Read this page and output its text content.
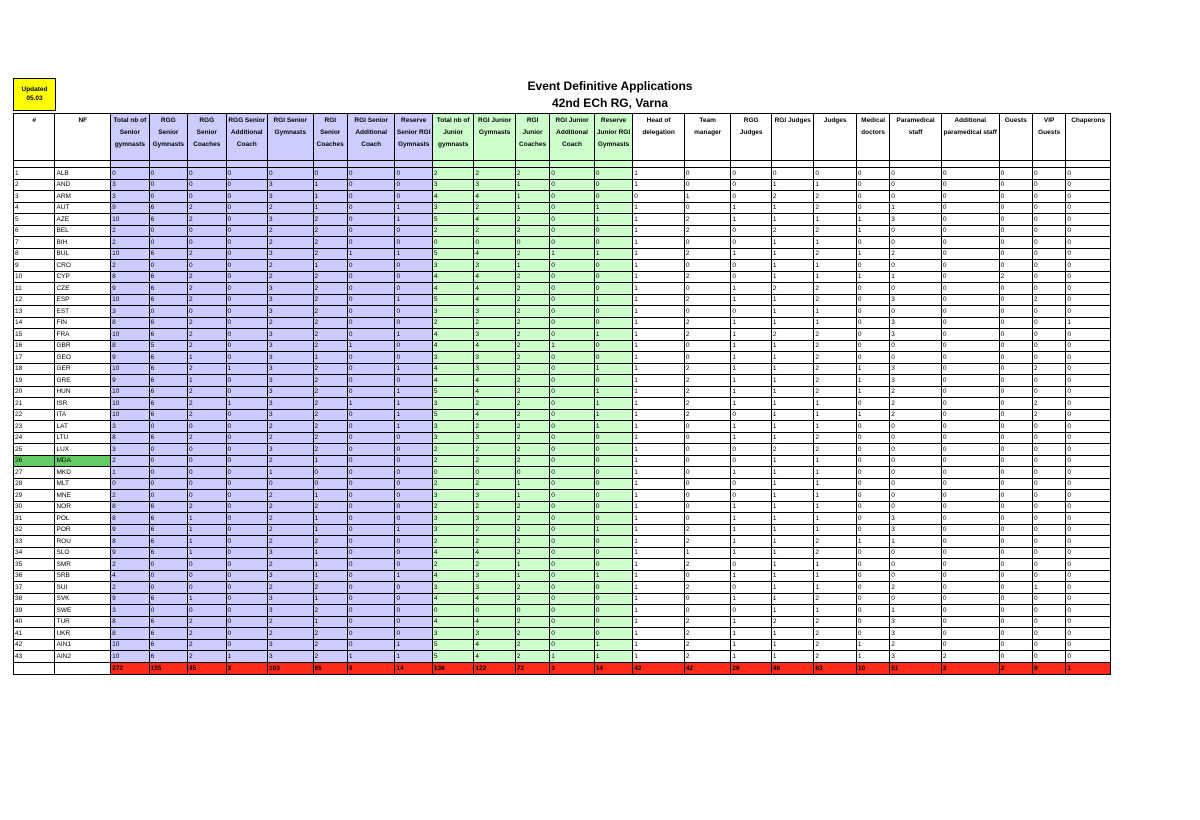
Updated
05.03
Event Definitive Applications
42nd ECh RG, Varna
#	NF	Total nb of Senior gymnasts	RGG Senior Gymnasts	RGG Senior Coaches	RGG Senior Additional Coach	RGI Senior Gymnasts	RGI Senior Coaches	RGI Senior Additional Coach	Reserve Senior RGI Gymnasts	Total nb of Junior gymnasts	RGI Junior Gymnasts	RGI Junior Coaches	RGI Junior Additional Coach	Reserve Junior RGI Gymnasts	Head of delegation	Team manager	RGG Judges	RGI Judges	Judges	Medical doctors	Paramedical staff	Additional paramedical staff	Guests	VIP Guests	Chaperons

1	ALB	0	0	0	0	0	0	0	0	2	2	2	0	0	1	0	0	0	0	0	0	0	0	0	0
2	AND	3	0	0	0	3	1	0	0	3	3	1	0	0	1	0	0	1	1	0	0	0	0	0	0
3	ARM	3	0	0	0	3	1	0	0	4	4	1	0	0	0	1	0	2	2	0	0	0	0	0	0
4	AUT	9	6	2	0	2	1	0	1	3	2	1	0	1	1	0	1	1	2	0	1	0	0	0	0
5	AZE	10	6	2	0	3	2	0	1	5	4	2	0	1	1	2	1	1	1	1	3	0	0	0	0
6	BEL	2	0	0	0	2	2	0	0	2	2	2	0	0	1	2	0	2	2	1	0	0	0	0	0
7	BIH	2	0	0	0	2	2	0	0	0	0	0	0	0	1	0	0	1	1	0	0	0	0	0	0
8	BUL	10	6	2	0	3	2	1	1	5	4	2	1	1	1	2	1	1	2	1	2	0	0	0	0
9	CRO	2	0	0	0	2	1	0	0	3	3	1	0	0	1	0	0	1	1	0	0	0	0	0	0
10	CYP	8	6	2	0	2	2	0	0	4	4	2	0	0	1	2	0	1	1	1	1	0	2	0	0
11	CZE	9	6	2	0	3	2	0	0	4	4	2	0	0	1	0	1	2	2	0	0	0	0	0	0
12	ESP	10	6	2	0	3	2	0	1	5	4	2	0	1	1	2	1	1	2	0	3	0	0	2	0
13	EST	3	0	0	0	3	2	0	0	3	3	2	0	0	1	0	0	1	1	0	0	0	0	0	0
14	FIN	8	6	2	0	2	2	0	0	2	2	2	0	0	1	2	1	1	1	0	3	0	0	0	1
15	FRA	10	6	2	0	3	2	0	1	4	3	2	0	1	1	2	1	2	2	0	3	0	0	0	0
16	GBR	8	5	2	0	3	2	1	0	4	4	2	1	0	1	0	1	1	2	0	0	0	0	0	0
17	GEO	9	6	1	0	3	1	0	0	3	3	2	0	0	1	0	1	1	2	0	0	0	0	0	0
18	GER	10	6	2	1	3	2	0	1	4	3	2	0	1	1	2	1	1	2	1	3	0	0	2	0
19	GRE	9	6	1	0	3	2	0	0	4	4	2	0	0	1	2	1	1	2	1	3	0	0	0	0
20	HUN	10	6	2	0	3	2	0	1	5	4	2	0	1	1	2	1	1	2	1	2	0	0	0	0
21	ISR	10	6	2	1	3	2	1	1	3	2	2	0	1	1	2	1	1	1	0	2	0	0	2	0
22	ITA	10	6	2	0	3	2	0	1	5	4	2	0	1	1	2	0	1	1	1	2	0	0	2	0
23	LAT	3	0	0	0	2	2	0	1	3	2	2	0	1	1	0	1	1	1	0	0	0	0	0	0
24	LTU	8	6	2	0	2	2	0	0	3	3	2	0	0	1	0	1	1	2	0	0	0	0	0	0
25	LUX	3	0	0	0	3	2	0	0	2	2	2	0	0	1	0	0	2	2	0	0	0	0	0	0
26	MDA	2	0	0	0	2	1	0	0	2	2	2	0	0	1	0	0	1	1	0	0	0	0	0	0
27	MKD	1	0	0	0	1	0	0	0	0	0	0	0	0	1	0	1	1	1	0	0	0	0	0	0
28	MLT	0	0	0	0	0	0	0	0	2	2	1	0	0	1	0	0	1	1	0	0	0	0	0	0
29	MNE	2	0	0	0	2	1	0	0	3	3	1	0	0	1	0	0	1	1	0	0	0	0	0	0
30	NOR	8	6	2	0	2	2	0	0	2	2	2	0	0	1	0	1	1	1	0	0	0	0	0	0
31	POL	8	6	1	0	2	1	0	0	3	3	2	0	0	1	0	1	1	1	0	3	0	0	0	0
32	POR	9	6	1	0	2	1	0	1	3	2	2	0	1	1	2	1	1	1	0	3	0	0	0	0
33	ROU	8	6	1	0	2	2	0	0	2	2	2	0	0	1	2	1	1	2	1	1	0	0	0	0
34	SLO	9	6	1	0	3	1	0	0	4	4	2	0	0	1	1	1	1	2	0	0	0	0	0	0
35	SMR	2	0	0	0	2	1	0	0	2	2	1	0	0	1	2	0	1	1	0	0	0	0	0	0
36	SRB	4	0	0	0	3	1	0	1	4	3	1	0	1	1	0	1	1	1	0	0	0	0	0	0
37	SUI	2	0	0	0	2	2	0	0	3	3	2	0	0	1	2	0	1	1	0	2	0	0	1	0
38	SVK	9	6	1	0	3	1	0	0	4	4	2	0	0	1	0	1	1	2	0	0	0	0	0	0
39	SWE	3	0	0	0	3	2	0	0	0	0	0	0	0	1	0	0	1	1	0	1	0	0	0	0
40	TUR	8	6	2	0	2	1	0	0	4	4	2	0	0	1	2	1	2	2	0	3	0	0	0	0
41	UKR	8	6	2	0	2	2	0	0	3	3	2	0	0	1	2	1	1	2	0	3	0	0	0	0
42	AIN1	10	6	2	0	3	2	0	1	5	4	2	0	1	1	2	1	1	2	1	2	0	0	0	0
43	AIN2	10	6	2	1	3	2	1	1	5	4	2	1	1	1	2	1	1	2	1	3	2	0	0	0
		272	155	45	3	103	65	4	14	136	122	72	3	14	42	42	26	48	63	10	51	2	2	9	1
